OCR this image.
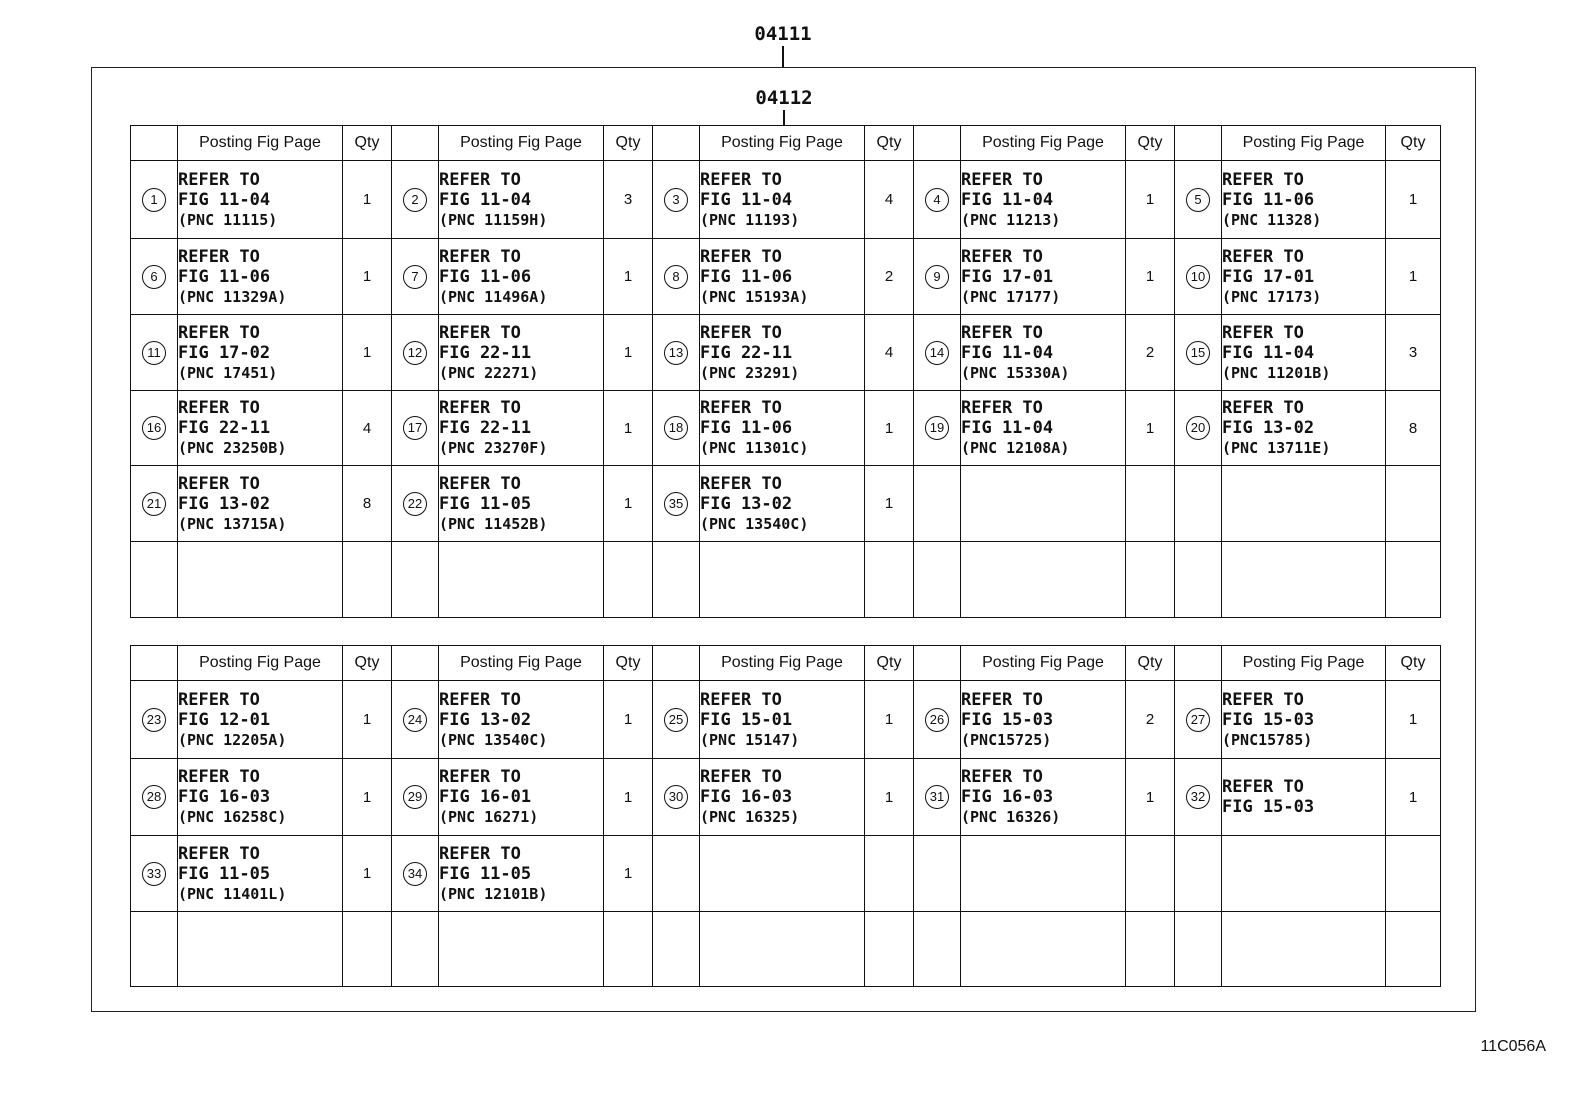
04111
04112
	Posting Fig Page	Qty		Posting Fig Page	Qty		Posting Fig Page	Qty		Posting Fig Page	Qty		Posting Fig Page	Qty
1	REFER TO
FIG 11-04
(PNC 11115)	1	2	REFER TO
FIG 11-04
(PNC 11159H)	3	3	REFER TO
FIG 11-04
(PNC 11193)	4	4	REFER TO
FIG 11-04
(PNC 11213)	1	5	REFER TO
FIG 11-06
(PNC 11328)	1
6	REFER TO
FIG 11-06
(PNC 11329A)	1	7	REFER TO
FIG 11-06
(PNC 11496A)	1	8	REFER TO
FIG 11-06
(PNC 15193A)	2	9	REFER TO
FIG 17-01
(PNC 17177)	1	10	REFER TO
FIG 17-01
(PNC 17173)	1
11	REFER TO
FIG 17-02
(PNC 17451)	1	12	REFER TO
FIG 22-11
(PNC 22271)	1	13	REFER TO
FIG 22-11
(PNC 23291)	4	14	REFER TO
FIG 11-04
(PNC 15330A)	2	15	REFER TO
FIG 11-04
(PNC 11201B)	3
16	REFER TO
FIG 22-11
(PNC 23250B)	4	17	REFER TO
FIG 22-11
(PNC 23270F)	1	18	REFER TO
FIG 11-06
(PNC 11301C)	1	19	REFER TO
FIG 11-04
(PNC 12108A)	1	20	REFER TO
FIG 13-02
(PNC 13711E)	8
21	REFER TO
FIG 13-02
(PNC 13715A)	8	22	REFER TO
FIG 11-05
(PNC 11452B)	1	35	REFER TO
FIG 13-02
(PNC 13540C)	1						

	Posting Fig Page	Qty		Posting Fig Page	Qty		Posting Fig Page	Qty		Posting Fig Page	Qty		Posting Fig Page	Qty
23	REFER TO
FIG 12-01
(PNC 12205A)	1	24	REFER TO
FIG 13-02
(PNC 13540C)	1	25	REFER TO
FIG 15-01
(PNC 15147)	1	26	REFER TO
FIG 15-03
(PNC15725)	2	27	REFER TO
FIG 15-03
(PNC15785)	1
28	REFER TO
FIG 16-03
(PNC 16258C)	1	29	REFER TO
FIG 16-01
(PNC 16271)	1	30	REFER TO
FIG 16-03
(PNC 16325)	1	31	REFER TO
FIG 16-03
(PNC 16326)	1	32	REFER TO
FIG 15-03	1
33	REFER TO
FIG 11-05
(PNC 11401L)	1	34	REFER TO
FIG 11-05
(PNC 12101B)	1									

11C056A
